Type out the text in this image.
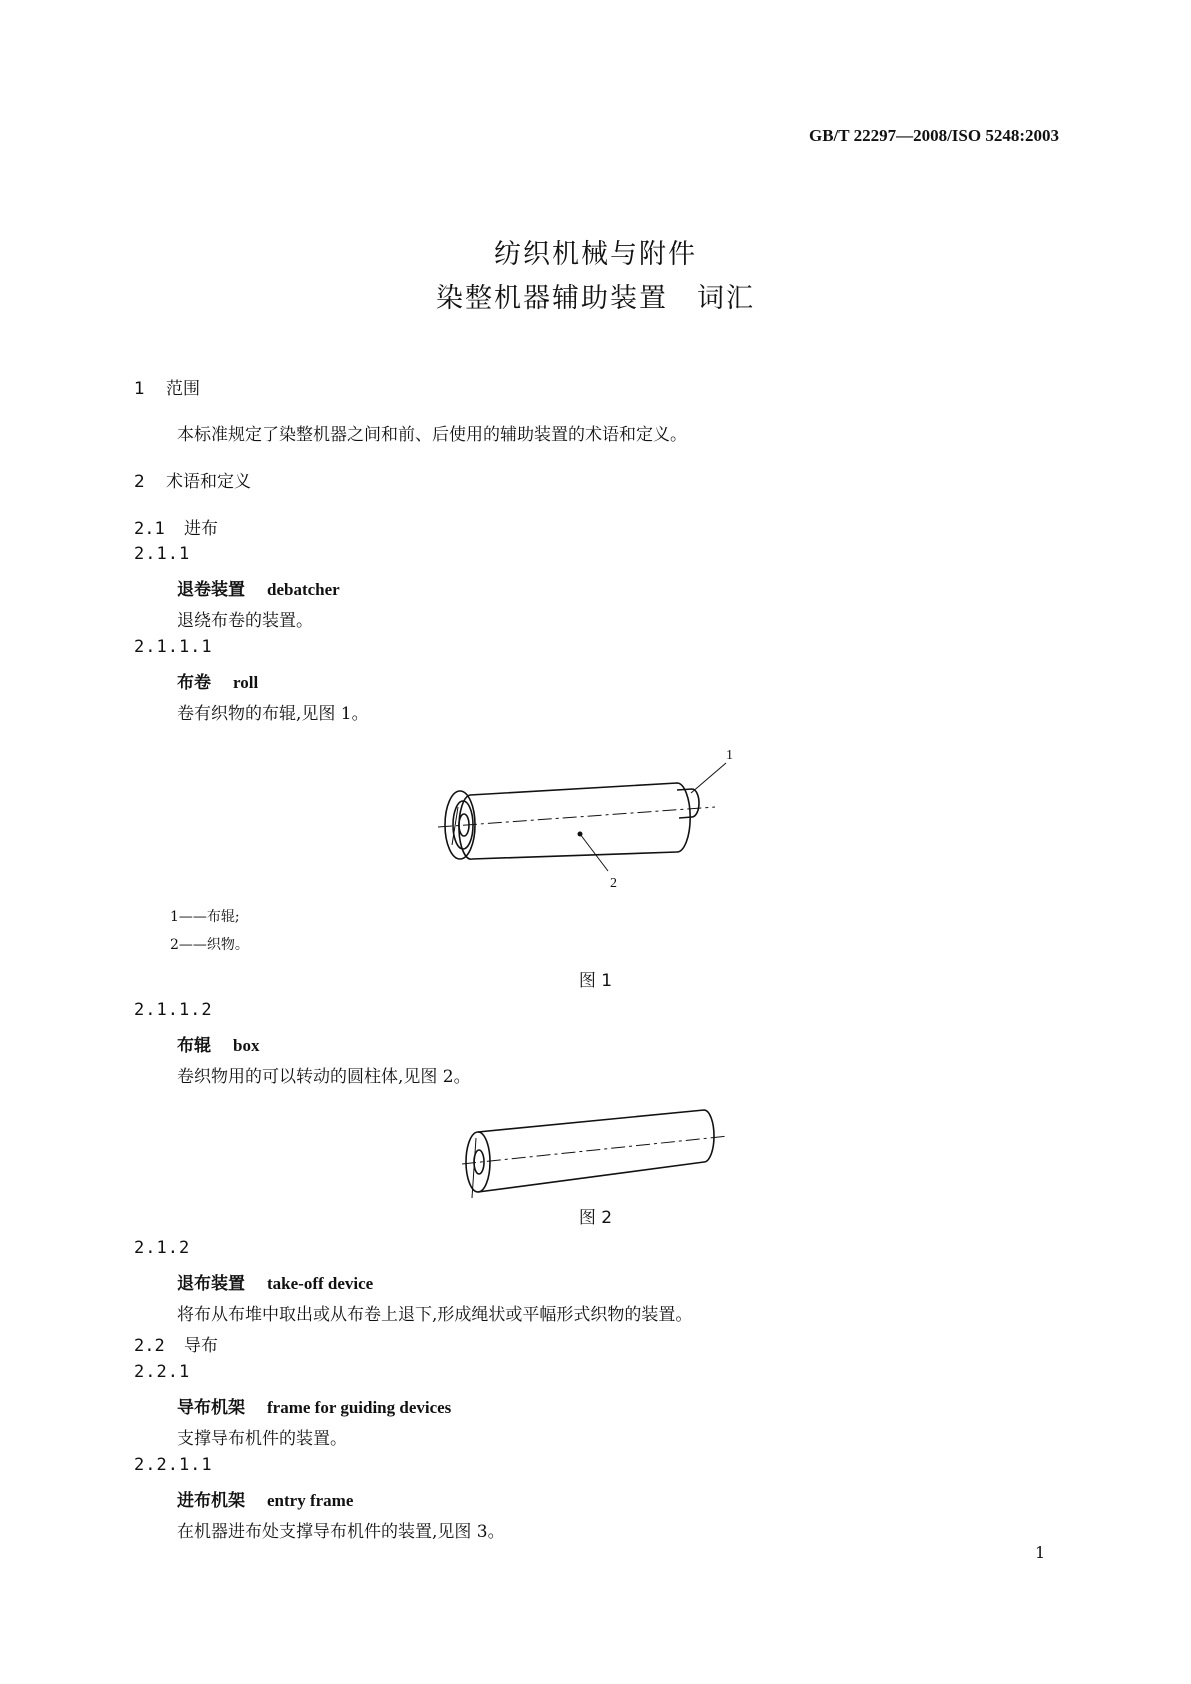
GB/T 22297—2008/ISO 5248:2003
纺织机械与附件
染整机器辅助装置　词汇
1 范围
本标准规定了染整机器之间和前、后使用的辅助装置的术语和定义。
2 术语和定义
2.1 进布
2.1.1
退卷装置 debatcher
退绕布卷的装置。
2.1.1.1
布卷 roll
卷有织物的布辊,见图 1。
1
2
1——布辊;
2——织物。
图 1
2.1.1.2
布辊 box
卷织物用的可以转动的圆柱体,见图 2。
图 2
2.1.2
退布装置 take-off device
将布从布堆中取出或从布卷上退下,形成绳状或平幅形式织物的装置。
2.2 导布
2.2.1
导布机架 frame for guiding devices
支撑导布机件的装置。
2.2.1.1
进布机架 entry frame
在机器进布处支撑导布机件的装置,见图 3。
1
